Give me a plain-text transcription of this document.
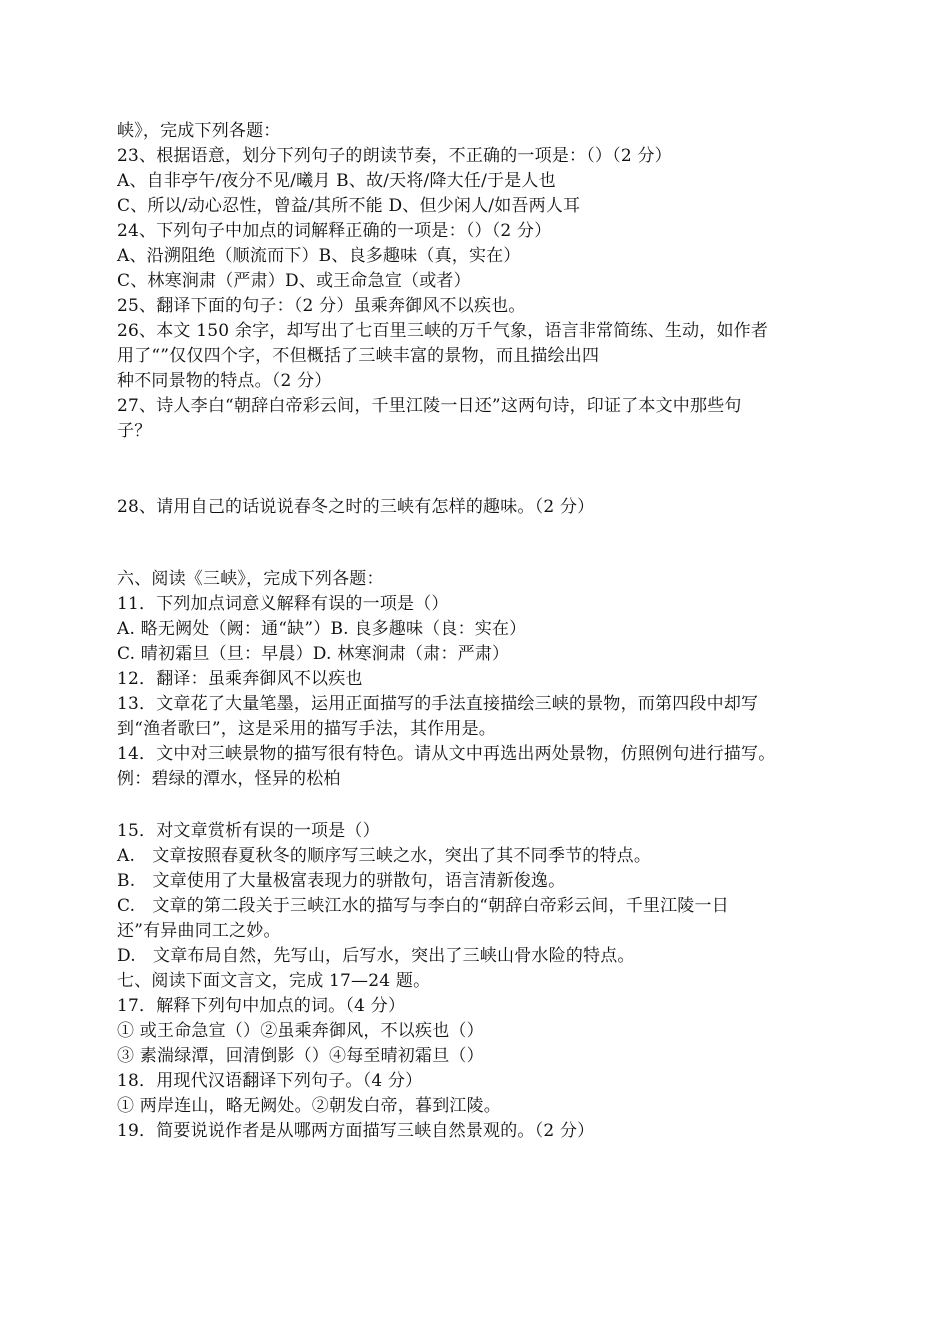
峡》，完成下列各题：
23、根据语意，划分下列句子的朗读节奏，不正确的一项是：（）（2 分）
A、自非亭午/夜分不见/曦月 B、故/天将/降大任/于是人也
C、所以/动心忍性，曾益/其所不能 D、但少闲人/如吾两人耳
24、下列句子中加点的词解释正确的一项是：（）（2 分）
A、沿溯阻绝（顺流而下）B、良多趣味（真，实在）
C、林寒涧肃（严肃）D、或王命急宣（或者）
25、翻译下面的句子：（2 分）虽乘奔御风不以疾也。
26、本文 150 余字，却写出了七百里三峡的万千气象，语言非常简练、生动，如作者
用了“”仅仅四个字，不但概括了三峡丰富的景物，而且描绘出四
种不同景物的特点。（2 分）
27、诗人李白“朝辞白帝彩云间，千里江陵一日还”这两句诗，印证了本文中那些句
子？
28、请用自己的话说说春冬之时的三峡有怎样的趣味。（2 分）
六、阅读《三峡》，完成下列各题：
11．下列加点词意义解释有误的一项是（）
A. 略无阙处（阙：通“缺”）B. 良多趣味（良：实在）
C. 晴初霜旦（旦：早晨）D. 林寒涧肃（肃：严肃）
12．翻译：虽乘奔御风不以疾也
13．文章花了大量笔墨，运用正面描写的手法直接描绘三峡的景物，而第四段中却写
到“渔者歌曰”，这是采用的描写手法，其作用是。
14．文中对三峡景物的描写很有特色。请从文中再选出两处景物，仿照例句进行描写。
例：碧绿的潭水，怪异的松柏
15．对文章赏析有误的一项是（）
A.　文章按照春夏秋冬的顺序写三峡之水，突出了其不同季节的特点。
B.　文章使用了大量极富表现力的骈散句，语言清新俊逸。
C.　文章的第二段关于三峡江水的描写与李白的“朝辞白帝彩云间，千里江陵一日
还”有异曲同工之妙。
D.　文章布局自然，先写山，后写水，突出了三峡山骨水险的特点。
七、阅读下面文言文，完成 17—24 题。
17．解释下列句中加点的词。（4 分）
① 或王命急宣（）②虽乘奔御风，不以疾也（）
③ 素湍绿潭，回清倒影（）④每至晴初霜旦（）
18．用现代汉语翻译下列句子。（4 分）
① 两岸连山，略无阙处。②朝发白帝，暮到江陵。
19．简要说说作者是从哪两方面描写三峡自然景观的。（2 分）
